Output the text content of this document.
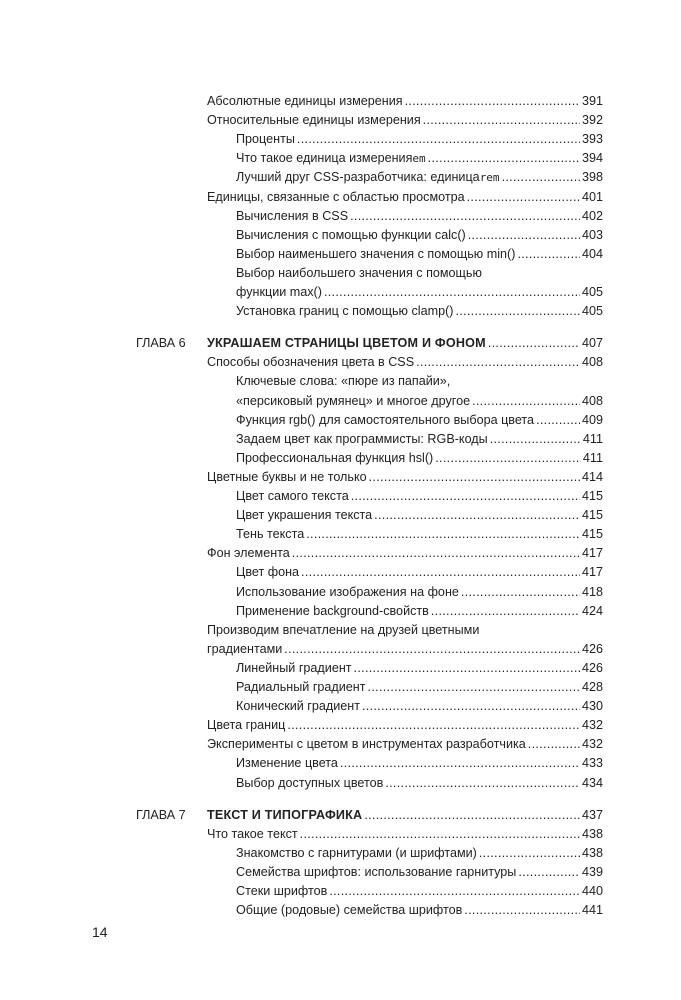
Абсолютные единицы измерения . . .	391
Относительные единицы измерения . . .	392
Проценты . . .	393
Что такое единица измерения em . . .	394
Лучший друг CSS-разработчика: единица rem . . .	398
Единицы, связанные с областью просмотра . . .	401
Вычисления в CSS . . .	402
Вычисления с помощью функции calc() . . .	403
Выбор наименьшего значения с помощью min() . . .	404
Выбор наибольшего значения с помощью
функции max() . . .	405
Установка границ с помощью clamp() . . .	405
ГЛАВА 6 УКРАШАЕМ СТРАНИЦЫ ЦВЕТОМ И ФОНОМ . . .	407
Способы обозначения цвета в CSS . . .	408
Ключевые слова: «пюре из папайи»,
«персиковый румянец» и многое другое . . .	408
Функция rgb() для самостоятельного выбора цвета . . .	409
Задаем цвет как программисты: RGB-коды . . .	411
Профессиональная функция hsl() . . .	411
Цветные буквы и не только . . .	414
Цвет самого текста . . .	415
Цвет украшения текста . . .	415
Тень текста . . .	415
Фон элемента . . .	417
Цвет фона . . .	417
Использование изображения на фоне . . .	418
Применение background-свойств . . .	424
Производим впечатление на друзей цветными
градиентами . . .	426
Линейный градиент . . .	426
Радиальный градиент . . .	428
Конический градиент . . .	430
Цвета границ . . .	432
Эксперименты с цветом в инструментах разработчика . . .	432
Изменение цвета . . .	433
Выбор доступных цветов . . .	434
ГЛАВА 7 ТЕКСТ И ТИПОГРАФИКА . . .	437
Что такое текст . . .	438
Знакомство с гарнитурами (и шрифтами) . . .	438
Семейства шрифтов: использование гарнитуры . . .	439
Стеки шрифтов . . .	440
Общие (родовые) семейства шрифтов . . .	441
14
